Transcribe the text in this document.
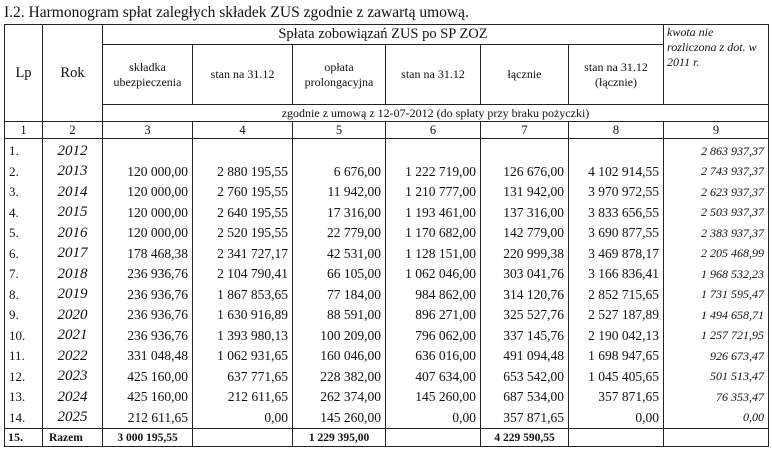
I.2. Harmonogram spłat zaległych składek ZUS zgodnie z zawartą umową.
Lp	Rok	Spłata zobowiązań ZUS po SP ZOZ						kwota nie rozliczona z dot. w 2011 r.
		składka ubezpieczenia	stan na 31.12	opłata prolongacyjna	stan na 31.12	łącznie	stan na 31.12 (łącznie)	
		zgodnie z umową z 12-07-2012 (do spłaty przy braku pożyczki)						
1	2	3	4	5	6	7	8	9
1.	2012							2 863 937,37
2.	2013	120 000,00	2 880 195,55	6 676,00	1 222 719,00	126 676,00	4 102 914,55	2 743 937,37
3.	2014	120 000,00	2 760 195,55	11 942,00	1 210 777,00	131 942,00	3 970 972,55	2 623 937,37
4.	2015	120 000,00	2 640 195,55	17 316,00	1 193 461,00	137 316,00	3 833 656,55	2 503 937,37
5.	2016	120 000,00	2 520 195,55	22 779,00	1 170 682,00	142 779,00	3 690 877,55	2 383 937,37
6.	2017	178 468,38	2 341 727,17	42 531,00	1 128 151,00	220 999,38	3 469 878,17	2 205 468,99
7.	2018	236 936,76	2 104 790,41	66 105,00	1 062 046,00	303 041,76	3 166 836,41	1 968 532,23
8.	2019	236 936,76	1 867 853,65	77 184,00	984 862,00	314 120,76	2 852 715,65	1 731 595,47
9.	2020	236 936,76	1 630 916,89	88 591,00	896 271,00	325 527,76	2 527 187,89	1 494 658,71
10.	2021	236 936,76	1 393 980,13	100 209,00	796 062,00	337 145,76	2 190 042,13	1 257 721,95
11.	2022	331 048,48	1 062 931,65	160 046,00	636 016,00	491 094,48	1 698 947,65	926 673,47
12.	2023	425 160,00	637 771,65	228 382,00	407 634,00	653 542,00	1 045 405,65	501 513,47
13.	2024	425 160,00	212 611,65	262 374,00	145 260,00	687 534,00	357 871,65	76 353,47
14.	2025	212 611,65	0,00	145 260,00	0,00	357 871,65	0,00	0,00
15.	Razem	3 000 195,55		1 229 395,00		4 229 590,55		
